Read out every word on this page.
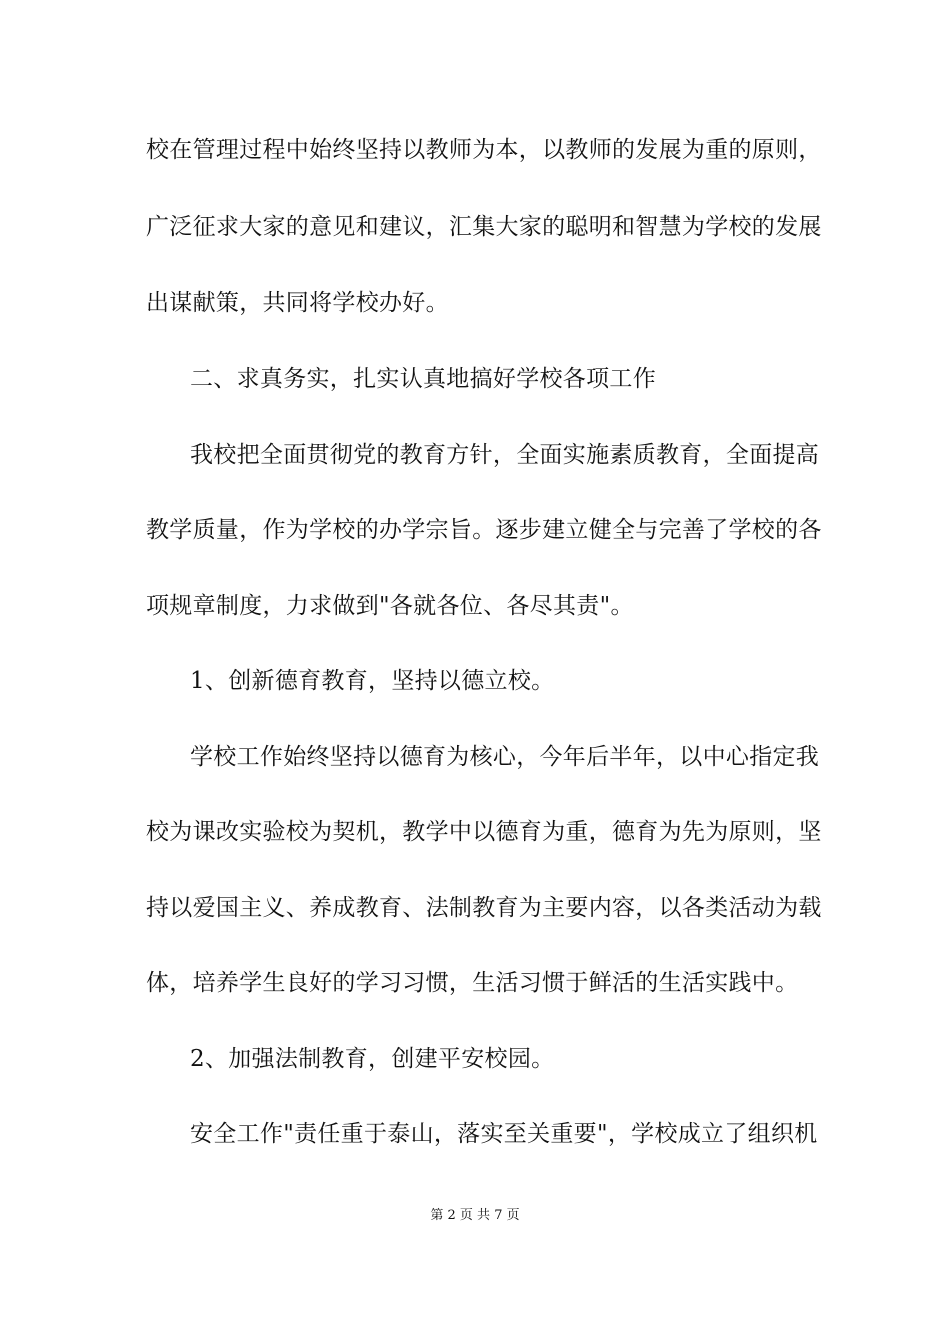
校在管理过程中始终坚持以教师为本，以教师的发展为重的原则，
广泛征求大家的意见和建议，汇集大家的聪明和智慧为学校的发展
出谋献策，共同将学校办好。
二、求真务实，扎实认真地搞好学校各项工作
我校把全面贯彻党的教育方针，全面实施素质教育，全面提高
教学质量，作为学校的办学宗旨。逐步建立健全与完善了学校的各
项规章制度，力求做到"各就各位、各尽其责"。
1、创新德育教育，坚持以德立校。
学校工作始终坚持以德育为核心，今年后半年，以中心指定我
校为课改实验校为契机，教学中以德育为重，德育为先为原则，坚
持以爱国主义、养成教育、法制教育为主要内容，以各类活动为载
体，培养学生良好的学习习惯，生活习惯于鲜活的生活实践中。
2、加强法制教育，创建平安校园。
安全工作"责任重于泰山，落实至关重要"，学校成立了组织机
第 2 页 共 7 页
